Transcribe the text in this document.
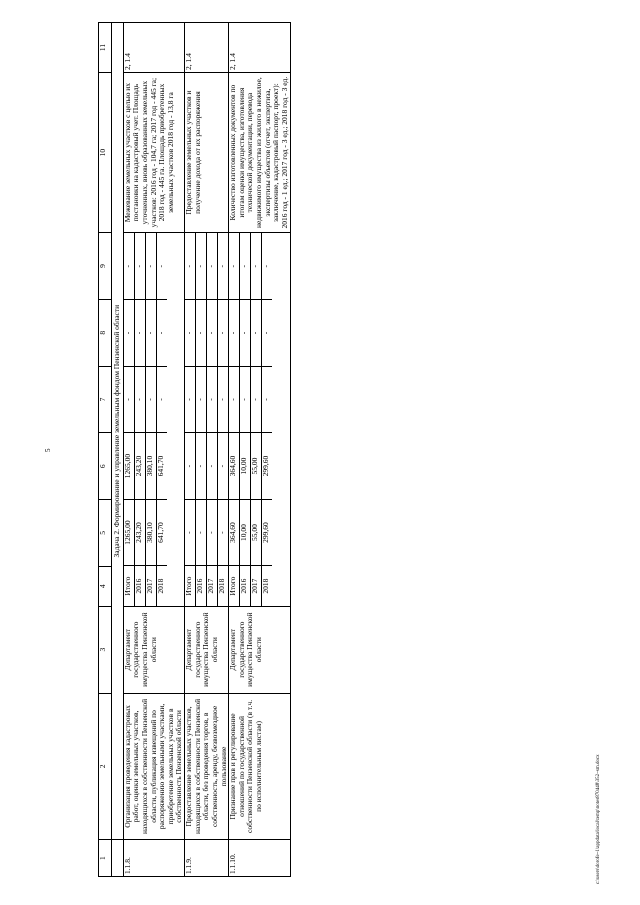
5
c:\users\dorofe~1\appdata\local\temp\notes870448\352~sm.docx
1	2	3	4	5	6	7	8	9	10	11
	Задача 2. Формирование и управление земельным фондом Пензенской области
1.1.8.	Организация проведения кадастровых работ, оценки земельных участков, находящихся в собственности Пензенской области, публикация извещений по распоряжению земельными участками, приобретение земельных участков в собственность Пензенской области	Департамент государственного имущества Пензенской области	
Итого	1265,00	1265,00	-	-	-
2016	243,20	243,20	-	-	-
2017	380,10	380,10	-	-	-
2018	641,70	641,70	-	-	-
	Межевание земельных участков с целью их постановки на кадастровый учет. Площадь уточненных, вновь образованных земельных участков: 2016 год - 104,7 га; 2017 год - 445 га; 2018 год - 445 га. Площадь приобретенных земельных участков 2018 год - 13,8 га	2, 1.4
1.1.9.	Предоставление земельных участков, находящихся в собственности Пензенской области, без проведения торгов, в собственность, аренду, безвозмездное пользование	Департамент государственного имущества Пензенской области	
Итого	-	-	-	-	-
2016	-	-	-	-	-
2017	-	-	-	-	-
2018	-	-	-	-	-
	Предоставление земельных участков и получение дохода от их распоряжения	2, 1.4
1.1.10.	Признание прав и регулирование отношений по государственной собственности Пензенской области (в т.ч. по исполнительным листам)	Департамент государственного имущества Пензенской области	
Итого	364,60	364,60	-	-	-
2016	10,00	10,00	-	-	-
2017	55,00	55,00	-	-	-
2018	299,60	299,60	-	-	-
	Количество изготовленных документов по итогам оценки имущества, изготовления технической документации, перевода недвижимого имущества из жилого в нежилое, экспертизы объектов (отчет, экспертиза, заключение, кадастровый паспорт, проект): 2016 год - 1 ед.; 2017 год - 3 ед.; 2018 год - 3 ед.	2, 1.4
